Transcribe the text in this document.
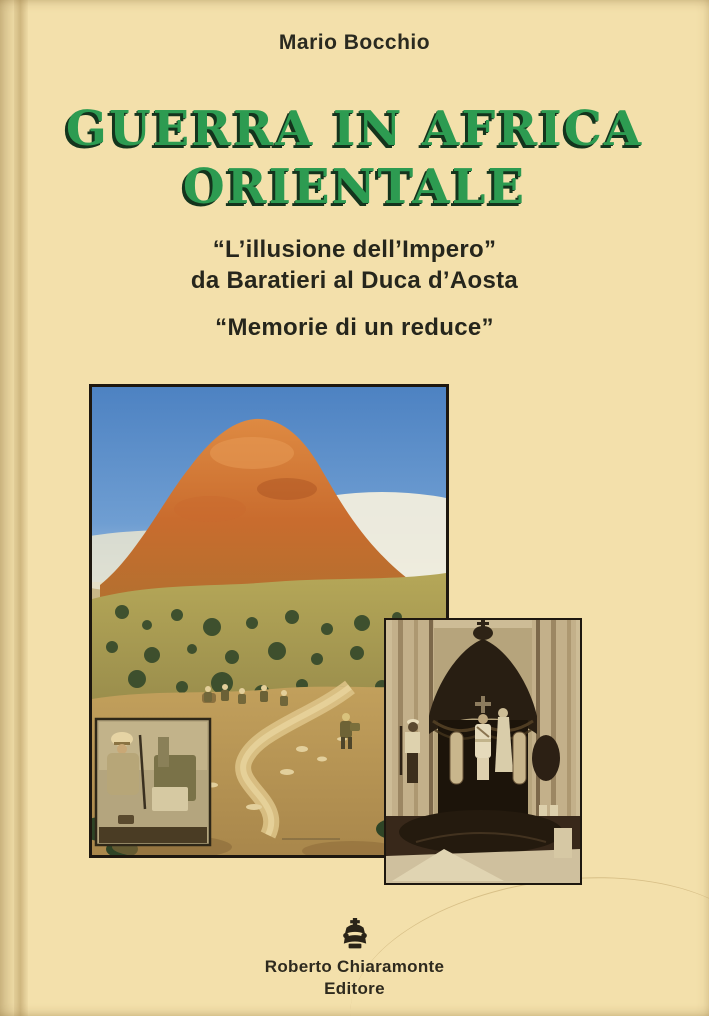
Mario Bocchio
GUERRA IN AFRICA
ORIENTALE
“L’illusione dell’Impero”
da Baratieri al Duca d’Aosta
“Memorie di un reduce”
Roberto Chiaramonte
Editore
